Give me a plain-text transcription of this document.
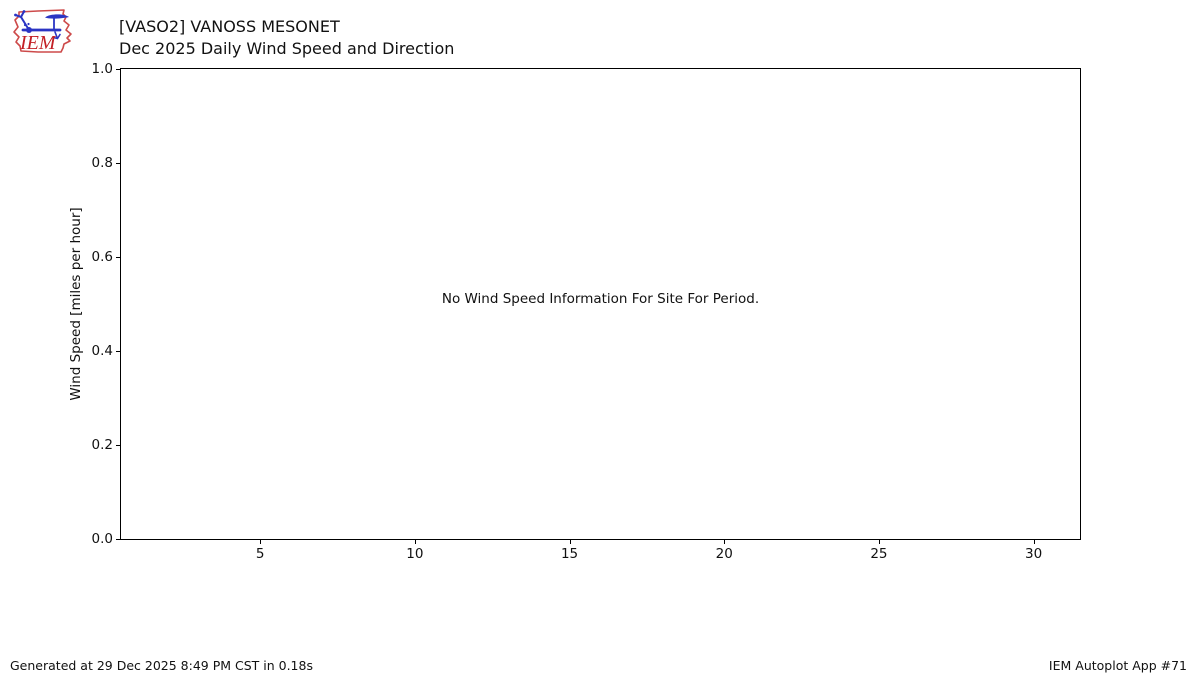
IEM
[VASO2] VANOSS MESONET
Dec 2025 Daily Wind Speed and Direction
Wind Speed [miles per hour]	No Wind Speed Information For Site For Period.
5	10	15	20	25	30
0.0
0.2
0.4
0.6
0.8
1.0
Generated at 29 Dec 2025 8:49 PM CST in 0.18s	IEM Autoplot App #71
